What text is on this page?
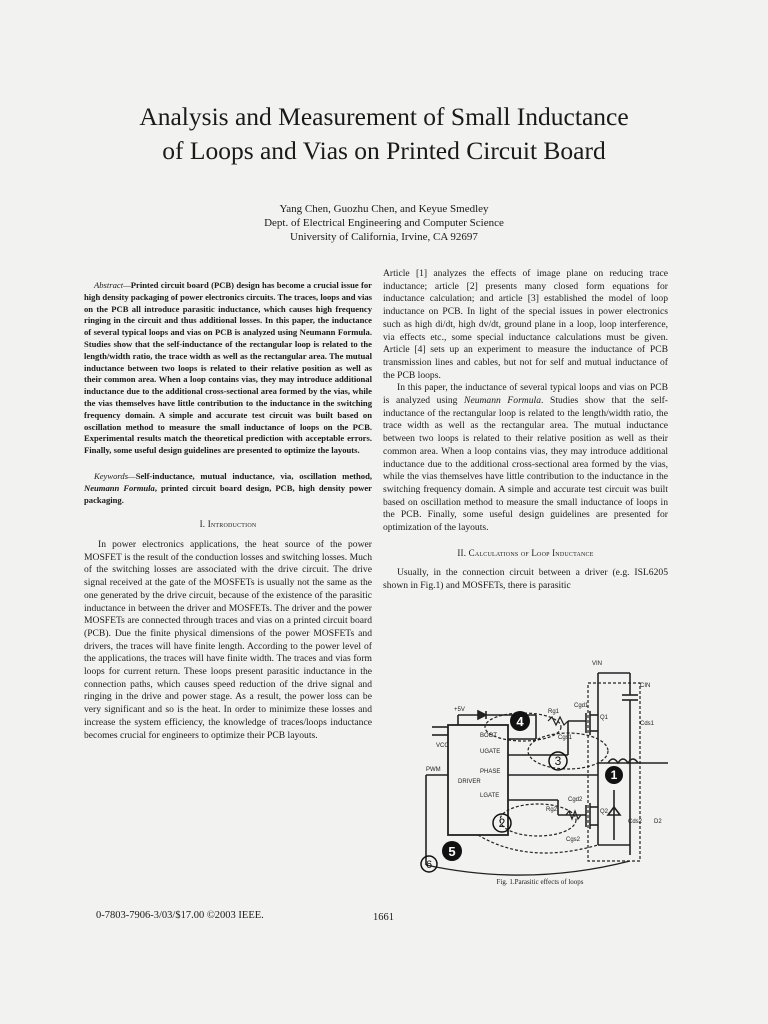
Analysis and Measurement of Small Inductance
of Loops and Vias on Printed Circuit Board
Yang Chen, Guozhu Chen, and Keyue Smedley
Dept. of Electrical Engineering and Computer Science
University of California, Irvine, CA 92697
Abstract—Printed circuit board (PCB) design has become a crucial issue for high density packaging of power electronics circuits. The traces, loops and vias on the PCB all introduce parasitic inductance, which causes high frequency ringing in the circuit and thus additional losses. In this paper, the inductance of several typical loops and vias on PCB is analyzed using Neumann Formula. Studies show that the self-inductance of the rectangular loop is related to the length/width ratio, the trace width as well as the rectangular area. The mutual inductance between two loops is related to their relative position as well as their common area. When a loop contains vias, they may introduce additional inductance due to the additional cross-sectional area formed by the vias, while the vias themselves have little contribution to the inductance in the switching frequency domain. A simple and accurate test circuit was built based on oscillation method to measure the small inductance of loops on the PCB. Experimental results match the theoretical prediction with acceptable errors. Finally, some useful design guidelines are presented to optimize the layouts.
Keywords—Self-inductance, mutual inductance, via, oscillation method, Neumann Formula, printed circuit board design, PCB, high density power packaging.
I. Introduction

In power electronics applications, the heat source of the power MOSFET is the result of the conduction losses and switching losses. Much of the switching losses are associated with the drive circuit. The drive signal received at the gate of the MOSFETs is usually not the same as the one generated by the drive circuit, because of the existence of the parasitic inductance in between the driver and MOSFETs. The driver and the power MOSFETs are connected through traces and vias on a printed circuit board (PCB). Due the finite physical dimensions of the power MOSFETs and drivers, the traces will have finite length. According to the power level of the applications, the traces will have finite width. The traces and vias form loops for current return. These loops present parasitic inductance in the connection paths, which causes speed reduction of the drive signal and ringing in the drive and power stage. As a result, the power loss can be very significant and so is the heat. In order to minimize these losses and increase the system efficiency, the knowledge of traces/loops inductance becomes crucial for engineers to optimize their PCB layouts.

Article [1] analyzes the effects of image plane on reducing trace inductance; article [2] presents many closed form equations for inductance calculation; and article [3] established the model of loop inductance on PCB. In light of the special issues in power electronics such as high di/dt, high dv/dt, ground plane in a loop, loop interference, via effects etc., some special inductance calculations must be given. Article [4] sets up an experiment to measure the inductance of PCB transmission lines and cables, but not for self and mutual inductance of the PCB loops.

In this paper, the inductance of several typical loops and vias on PCB is analyzed using Neumann Formula. Studies show that the self-inductance of the rectangular loop is related to the length/width ratio, the trace width as well as the rectangular area. The mutual inductance between two loops is related to their relative position as well as their common area. When a loop contains vias, they may introduce additional inductance due to the additional cross-sectional area formed by the vias, while the vias themselves have little contribution to the inductance in the switching frequency domain. A simple and accurate test circuit was built based on oscillation method to measure the small inductance of loops in the PCB. Finally, some useful design guidelines are presented for optimization of the layouts.

II. Calculations of Loop Inductance

Usually, in the connection circuit between a driver (e.g. ISL6205 shown in Fig.1) and MOSFETs, there is parasitic

1
2
3
4
5
6
VIN
CIN
+5V
BOOT
UGATE
PHASE
LGATE
DRIVER
PWM
VCC
Cgd1
Cgs1
Q1
Q2
Cgd2
Cgs2
Rg1
Rg2
Cds1
Cds2 D2
Fig. 1.Parasitic effects of loops
0-7803-7906-3/03/$17.00 ©2003 IEEE.	1661
